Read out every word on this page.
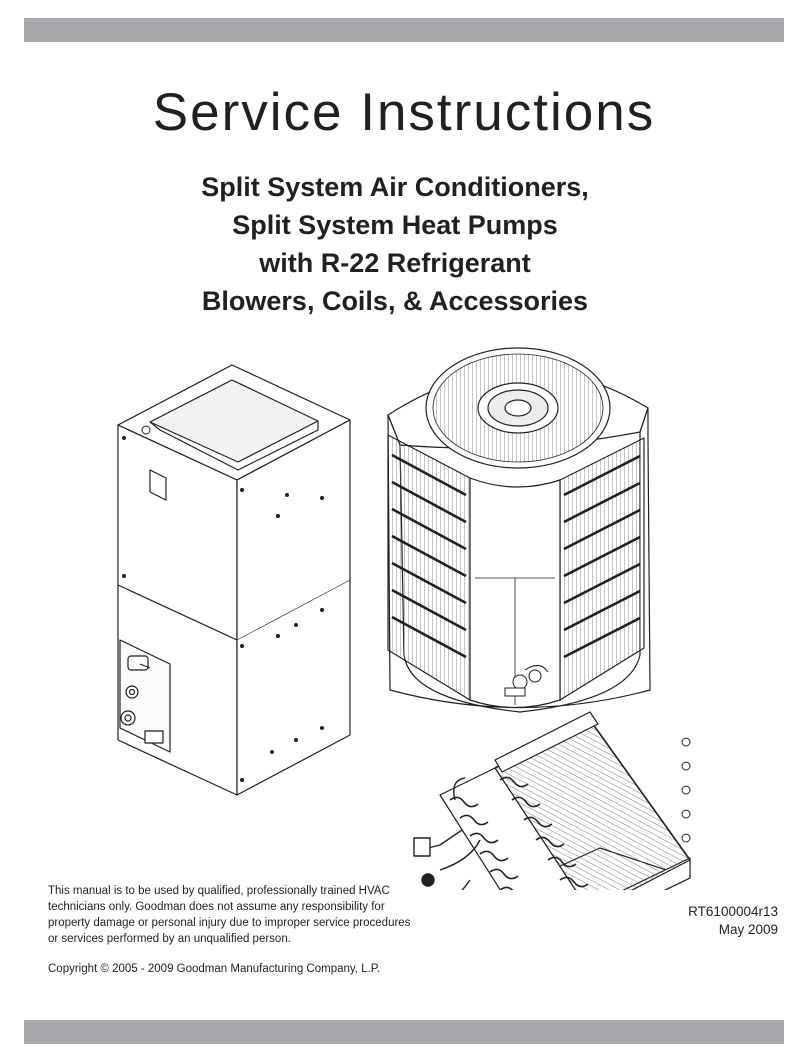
Service Instructions
Split System Air Conditioners,
Split System Heat Pumps
with R-22 Refrigerant
Blowers, Coils, & Accessories

This manual is to be used by qualified, professionally trained HVAC technicians only. Goodman does not assume any responsibility for property damage or personal injury due to improper service procedures or services performed by an unqualified person.

Copyright © 2005 - 2009 Goodman Manufacturing Company, L.P.

RT6100004r13
May 2009
